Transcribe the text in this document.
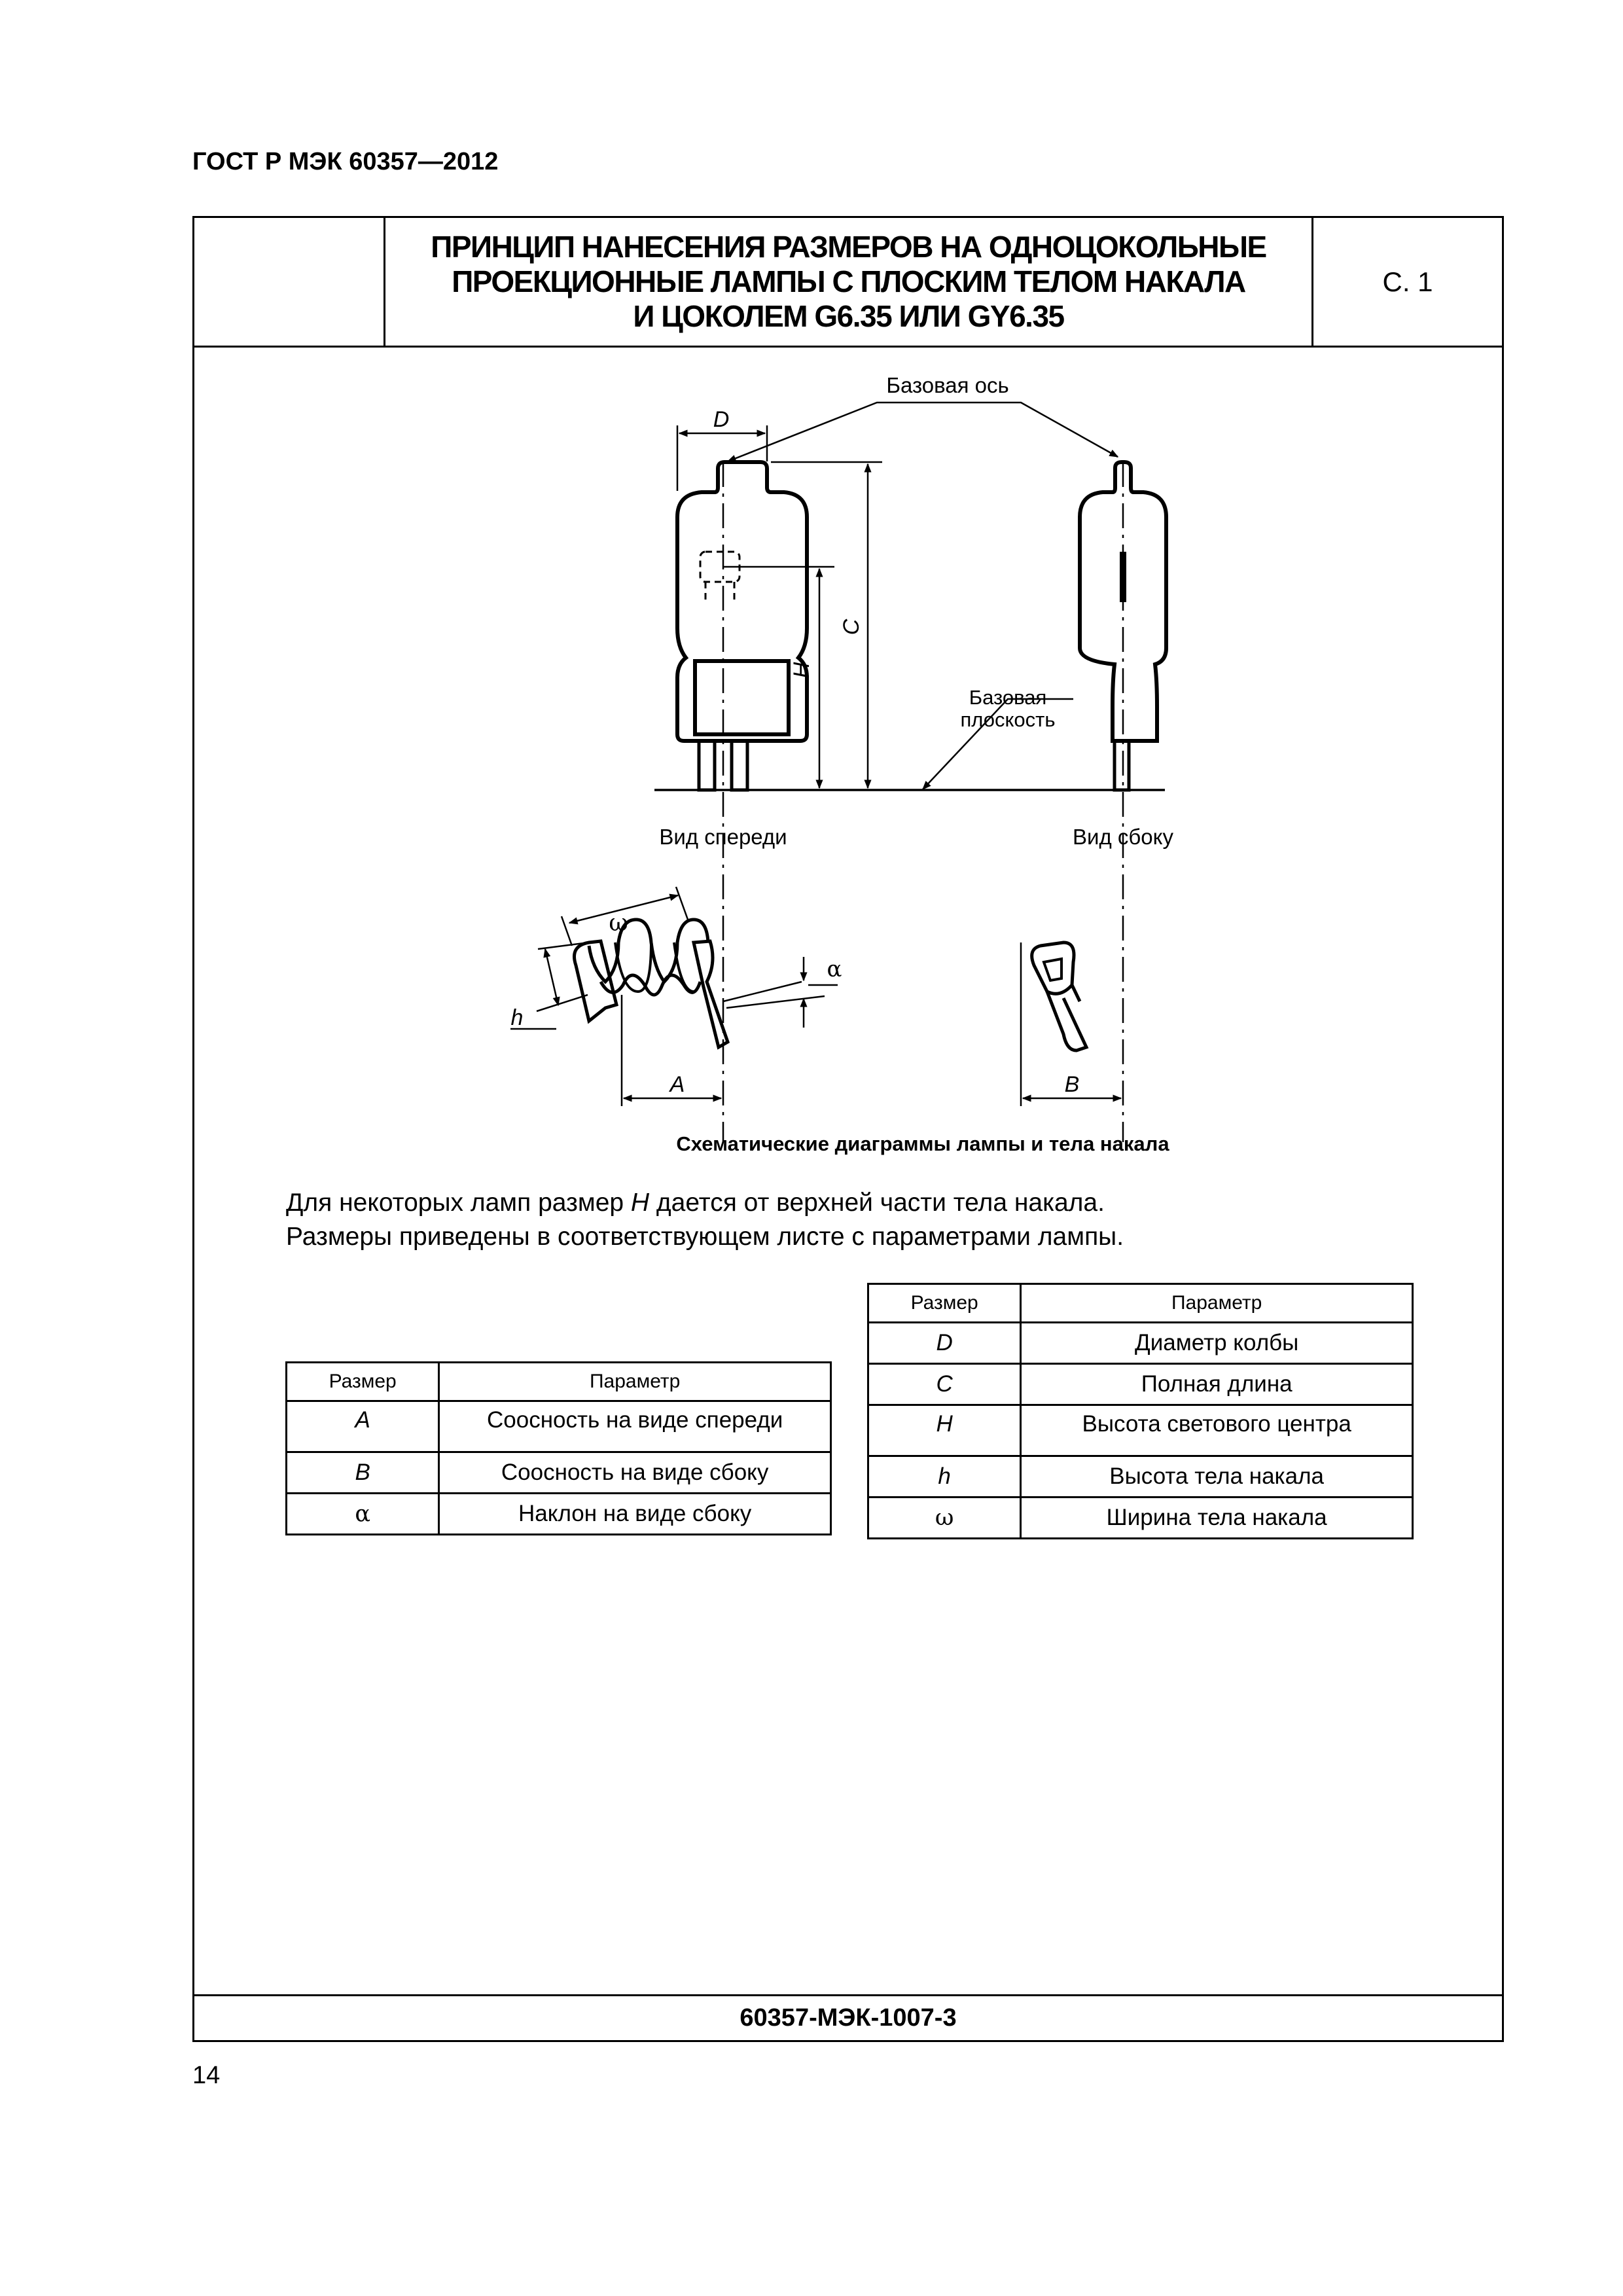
ГОСТ Р МЭК 60357—2012
ПРИНЦИП НАНЕСЕНИЯ РАЗМЕРОВ НА ОДНОЦОКОЛЬНЫЕ
ПРОЕКЦИОННЫЕ ЛАМПЫ С ПЛОСКИМ ТЕЛОМ НАКАЛА
И ЦОКОЛЕМ G6.35 ИЛИ GY6.35
С. 1
60357-МЭК-1007-3
Базовая ось
D
C
H
Базовая
плоскость
Вид спереди	Вид сбоку
ω
α
h
A	B
Схематические диаграммы лампы и тела накала
Для некоторых ламп размер H дается от верхней части тела накала.
Размеры приведены в соответствующем листе с параметрами лампы.
Размер	Параметр
A	Соосность на виде спереди
B	Соосность на виде сбоку
α	Наклон на виде сбоку
Размер	Параметр
D	Диаметр колбы
C	Полная длина
H	Высота светового центра
h	Высота тела накала
ω	Ширина тела накала
14
